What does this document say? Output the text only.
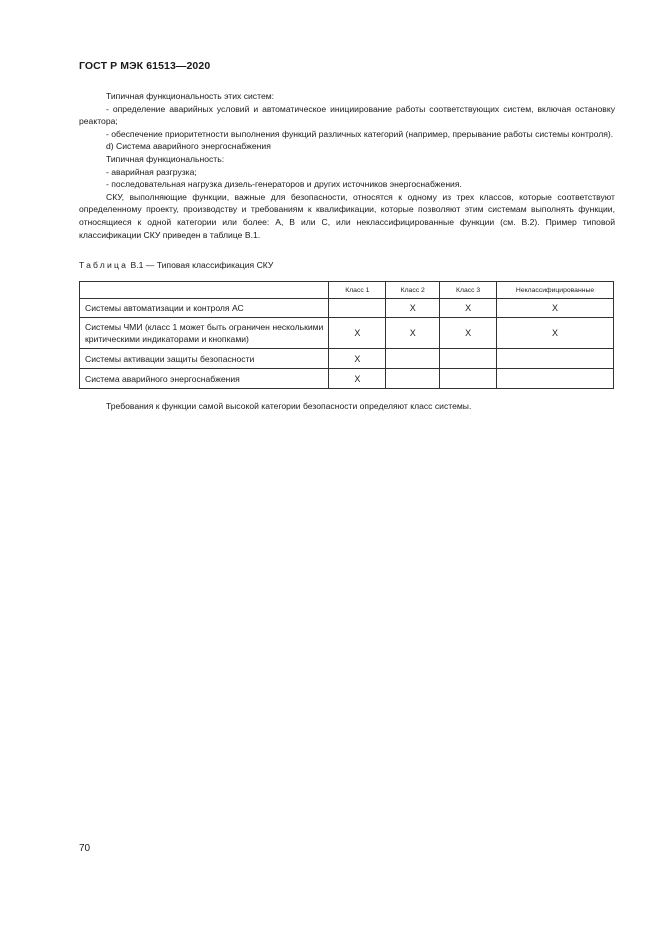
ГОСТ Р МЭК 61513—2020

Типичная функциональность этих систем:

- определение аварийных условий и автоматическое инициирование работы соответствующих систем, включая остановку реактора;

- обеспечение приоритетности выполнения функций различных категорий (например, прерывание работы системы контроля).

d) Система аварийного энергоснабжения

Типичная функциональность:

- аварийная разгрузка;

- последовательная нагрузка дизель-генераторов и других источников энергоснабжения.

СКУ, выполняющие функции, важные для безопасности, относятся к одному из трех классов, которые соответствуют определенному проекту, производству и требованиям к квалификации, которые позволяют этим системам выполнять функции, относящиеся к одной категории или более: А, В или С, или неклассифицированные функции (см. В.2). Пример типовой классификации СКУ приведен в таблице В.1.

Таблица В.1 — Типовая классификация СКУ
	Класс 1	Класс 2	Класс 3	Неклассифицированные
Системы автоматизации и контроля АС		X	X	X
Системы ЧМИ (класс 1 может быть ограничен несколькими критическими индикаторами и кнопками)	X	X	X	X
Системы активации защиты безопасности	X			
Система аварийного энергоснабжения	X			
Требования к функции самой высокой категории безопасности определяют класс системы.
70
